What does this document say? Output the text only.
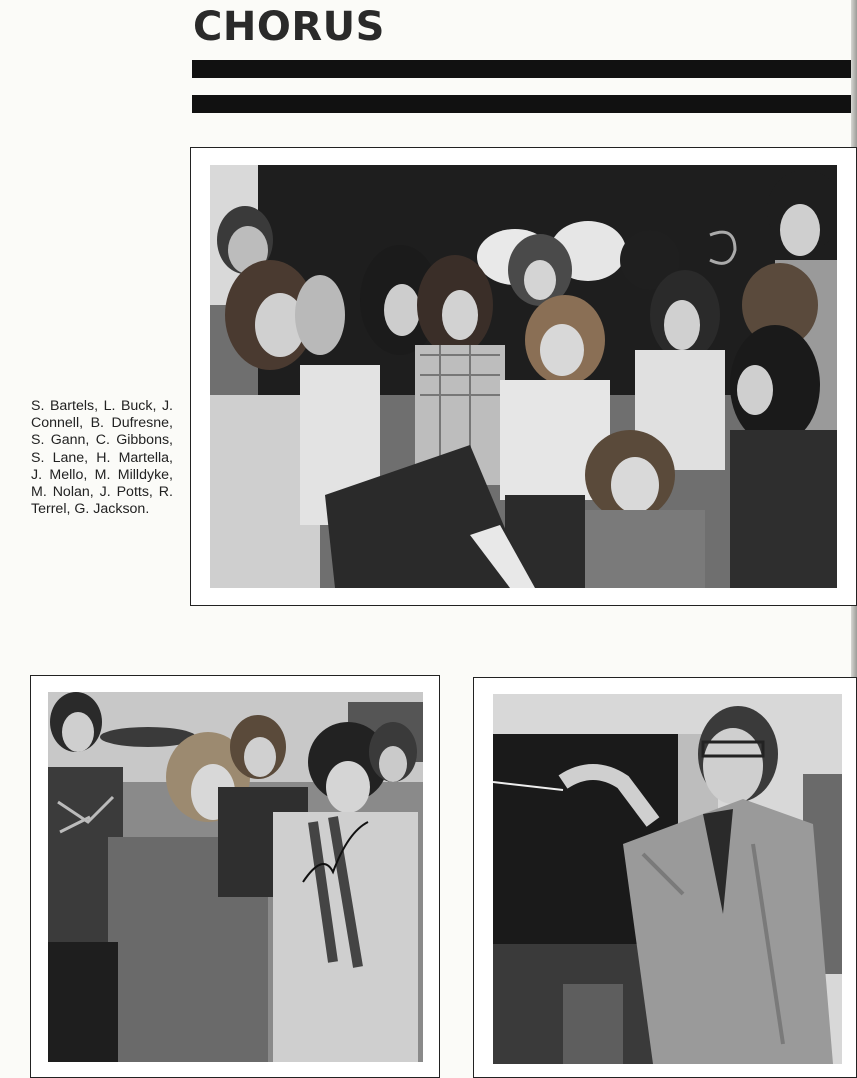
CHORUS

S. Bartels, L. Buck, J. Connell, B. Dufresne, S. Gann, C. Gibbons, S. Lane, H. Martella, J. Mello, M. Milldyke, M. Nolan, J. Potts, R. Terrel, G. Jackson.
